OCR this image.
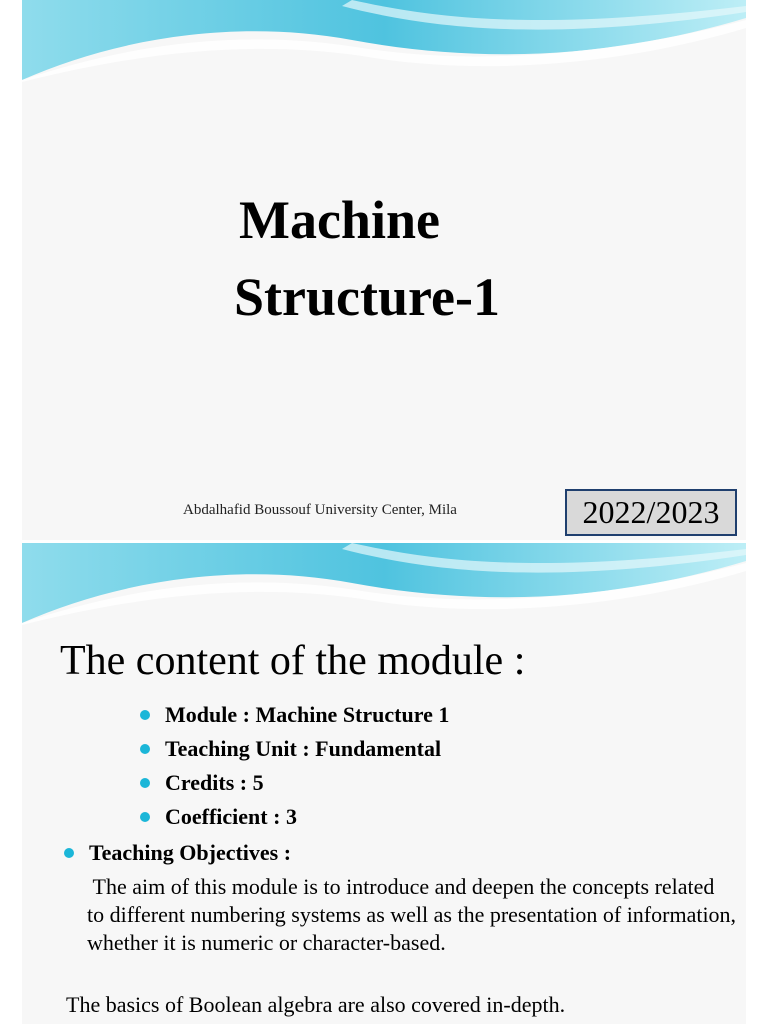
Machine
Structure-1
Abdalhafid Boussouf University Center, Mila	2022/2023
The content of the module :
Module : Machine Structure 1
Teaching Unit : Fundamental
Credits : 5
Coefficient : 3
Teaching Objectives :

The aim of this module is to introduce and deepen the concepts related to different numbering systems as well as the presentation of information, whether it is numeric or character-based.

The basics of Boolean algebra are also covered in-depth.
